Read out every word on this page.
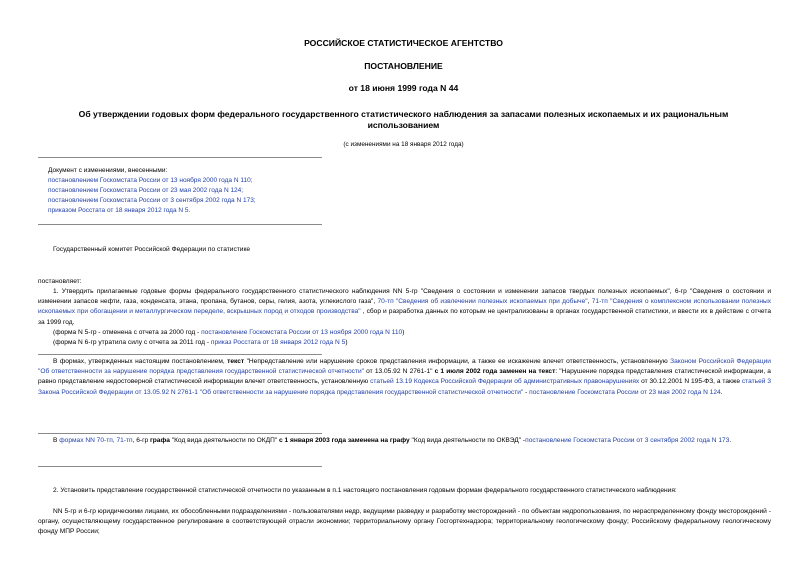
РОССИЙСКОЕ СТАТИСТИЧЕСКОЕ АГЕНТСТВО
ПОСТАНОВЛЕНИЕ
от 18 июня 1999 года N 44
Об утверждении годовых форм федерального государственного статистического наблюдения за запасами полезных ископаемых и их рациональным использованием
(с изменениями на 18 января 2012 года)
Документ с изменениями, внесенными:
постановлением Госкомстата России от 13 ноября 2000 года N 110;
постановлением Госкомстата России от 23 мая 2002 года N 124;
постановлением Госкомстата России от 3 сентября 2002 года N 173;
приказом Росстата от 18 января 2012 года N 5.
Государственный комитет Российской Федерации по статистике
постановляет:
1. Утвердить прилагаемые годовые формы федерального государственного статистического наблюдения NN 5-гр "Сведения о состоянии и изменении запасов твердых полезных ископаемых", 6-гр "Сведения о состоянии и изменении запасов нефти, газа, конденсата, этана, пропана, бутанов, серы, гелия, азота, углекислого газа", 70-тп "Сведения об извлечении полезных ископаемых при добыче", 71-тп "Сведения о комплексном использовании полезных ископаемых при обогащении и металлургическом переделе, вскрышных пород и отходов производства" , сбор и разработка данных по которым не централизованы в органах государственной статистики, и ввести их в действие с отчета за 1999 год.
(форма N 5-гр - отменена с отчета за 2000 год - постановление Госкомстата России от 13 ноября 2000 года N 110)
(форма N 6-гр утратила силу с отчета за 2011 год - приказ Росстата от 18 января 2012 года N 5)
В формах, утвержденных настоящим постановлением, текст "Непредставление или нарушение сроков представления информации, а также ее искажение влечет ответственность, установленную Законом Российской Федерации "Об ответственности за нарушение порядка представления государственной статистической отчетности" от 13.05.92 N 2761-1" с 1 июля 2002 года заменен на текст: "Нарушение порядка представления статистической информации, а равно представление недостоверной статистической информации влечет ответственность, установленную статьей 13.19 Кодекса Российской Федерации об административных правонарушениях от 30.12.2001 N 195-ФЗ, а также статьей 3 Закона Российской Федерации от 13.05.92 N 2761-1 "Об ответственности за нарушение порядка представления государственной статистической отчетности" - постановление Госкомстата России от 23 мая 2002 года N 124.
В формах NN 70-тп, 71-тп, 6-гр графа "Код вида деятельности по ОКДП" с 1 января 2003 года заменена на графу "Код вида деятельности по ОКВЭД" -постановление Госкомстата России от 3 сентября 2002 года N 173.
2. Установить представление государственной статистической отчетности по указанным в п.1 настоящего постановления годовым формам федерального государственного статистического наблюдения:
NN 5-гр и 6-гр юридическими лицами, их обособленными подразделениями - пользователями недр, ведущими разведку и разработку месторождений - по объектам недропользования, по нераспределенному фонду месторождений - органу, осуществляющему государственное регулирование в соответствующей отрасли экономики; территориальному органу Госгортехнадзора; территориальному геологическому фонду; Российскому федеральному геологическому фонду МПР России;
